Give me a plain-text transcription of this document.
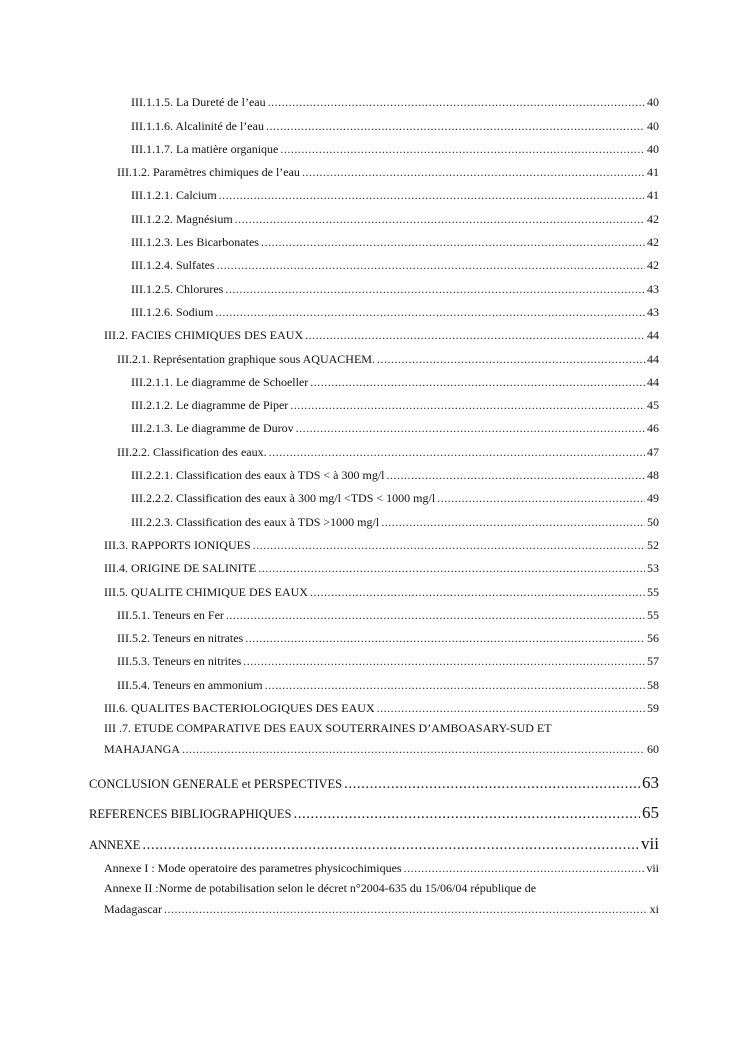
III.1.1.5. La Dureté de l’eau .....	40
III.1.1.6. Alcalinité de l’eau .....	40
III.1.1.7. La matière organique .....	40
III.1.2. Paramètres chimiques de l’eau .....	41
III.1.2.1. Calcium .....	41
III.1.2.2. Magnésium .....	42
III.1.2.3. Les Bicarbonates .....	42
III.1.2.4. Sulfates .....	42
III.1.2.5. Chlorures .....	43
III.1.2.6. Sodium .....	43
III.2. FACIES CHIMIQUES DES EAUX .....	44
III.2.1. Représentation graphique sous AQUACHEM. .....	44
III.2.1.1. Le diagramme de Schoeller .....	44
III.2.1.2. Le diagramme de Piper .....	45
III.2.1.3. Le diagramme de Durov .....	46
III.2.2. Classification des eaux. .....	47
III.2.2.1. Classification des eaux à TDS < à 300 mg/l .....	48
III.2.2.2. Classification des eaux à 300 mg/l <TDS < 1000 mg/l .....	49
III.2.2.3. Classification des eaux à TDS >1000 mg/l .....	50
III.3. RAPPORTS IONIQUES .....	52
III.4. ORIGINE DE SALINITE .....	53
III.5. QUALITE CHIMIQUE DES EAUX .....	55
III.5.1. Teneurs en Fer .....	55
III.5.2. Teneurs en nitrates .....	56
III.5.3. Teneurs en nitrites .....	57
III.5.4. Teneurs en ammonium .....	58
III.6. QUALITES BACTERIOLOGIQUES DES EAUX .....	59
III .7. ETUDE COMPARATIVE DES EAUX SOUTERRAINES D’AMBOASARY-SUD ET
MAHAJANGA .....	60
CONCLUSION GENERALE et PERSPECTIVES .....	63
REFERENCES BIBLIOGRAPHIQUES .....	65
ANNEXE .....	vii
Annexe I : Mode operatoire des parametres physicochimiques .....	vii
Annexe II :Norme de potabilisation selon le décret n°2004-635 du 15/06/04 république de
Madagascar .....	xi
